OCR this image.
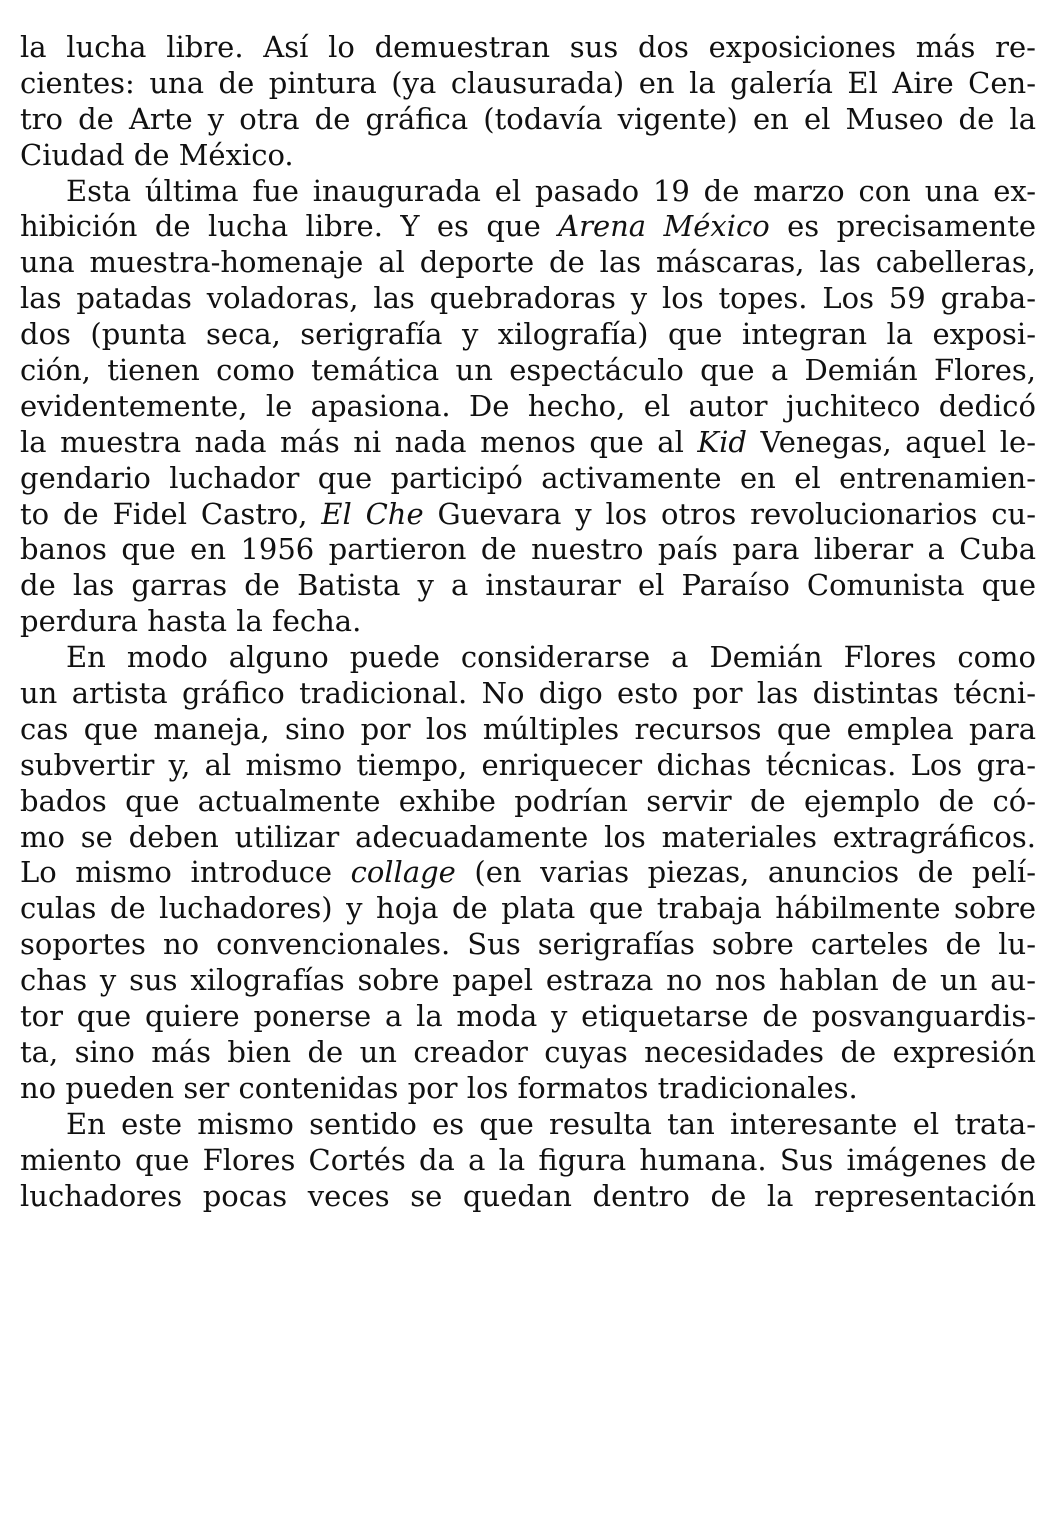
la lucha libre. Así lo demuestran sus dos exposiciones más re-
cientes: una de pintura (ya clausurada) en la galería El Aire Cen-
tro de Arte y otra de gráfica (todavía vigente) en el Museo de la
Ciudad de México.
Esta última fue inaugurada el pasado 19 de marzo con una ex-
hibición de lucha libre. Y es que Arena México es precisamente
una muestra-homenaje al deporte de las máscaras, las cabelleras,
las patadas voladoras, las quebradoras y los topes. Los 59 graba-
dos (punta seca, serigrafía y xilografía) que integran la exposi-
ción, tienen como temática un espectáculo que a Demián Flores,
evidentemente, le apasiona. De hecho, el autor juchiteco dedicó
la muestra nada más ni nada menos que al Kid Venegas, aquel le-
gendario luchador que participó activamente en el entrenamien-
to de Fidel Castro, El Che Guevara y los otros revolucionarios cu-
banos que en 1956 partieron de nuestro país para liberar a Cuba
de las garras de Batista y a instaurar el Paraíso Comunista que
perdura hasta la fecha.
En modo alguno puede considerarse a Demián Flores como
un artista gráfico tradicional. No digo esto por las distintas técni-
cas que maneja, sino por los múltiples recursos que emplea para
subvertir y, al mismo tiempo, enriquecer dichas técnicas. Los gra-
bados que actualmente exhibe podrían servir de ejemplo de có-
mo se deben utilizar adecuadamente los materiales extragráficos.
Lo mismo introduce collage (en varias piezas, anuncios de pelí-
culas de luchadores) y hoja de plata que trabaja hábilmente sobre
soportes no convencionales. Sus serigrafías sobre carteles de lu-
chas y sus xilografías sobre papel estraza no nos hablan de un au-
tor que quiere ponerse a la moda y etiquetarse de posvanguardis-
ta, sino más bien de un creador cuyas necesidades de expresión
no pueden ser contenidas por los formatos tradicionales.
En este mismo sentido es que resulta tan interesante el trata-
miento que Flores Cortés da a la figura humana. Sus imágenes de
luchadores pocas veces se quedan dentro de la representación
